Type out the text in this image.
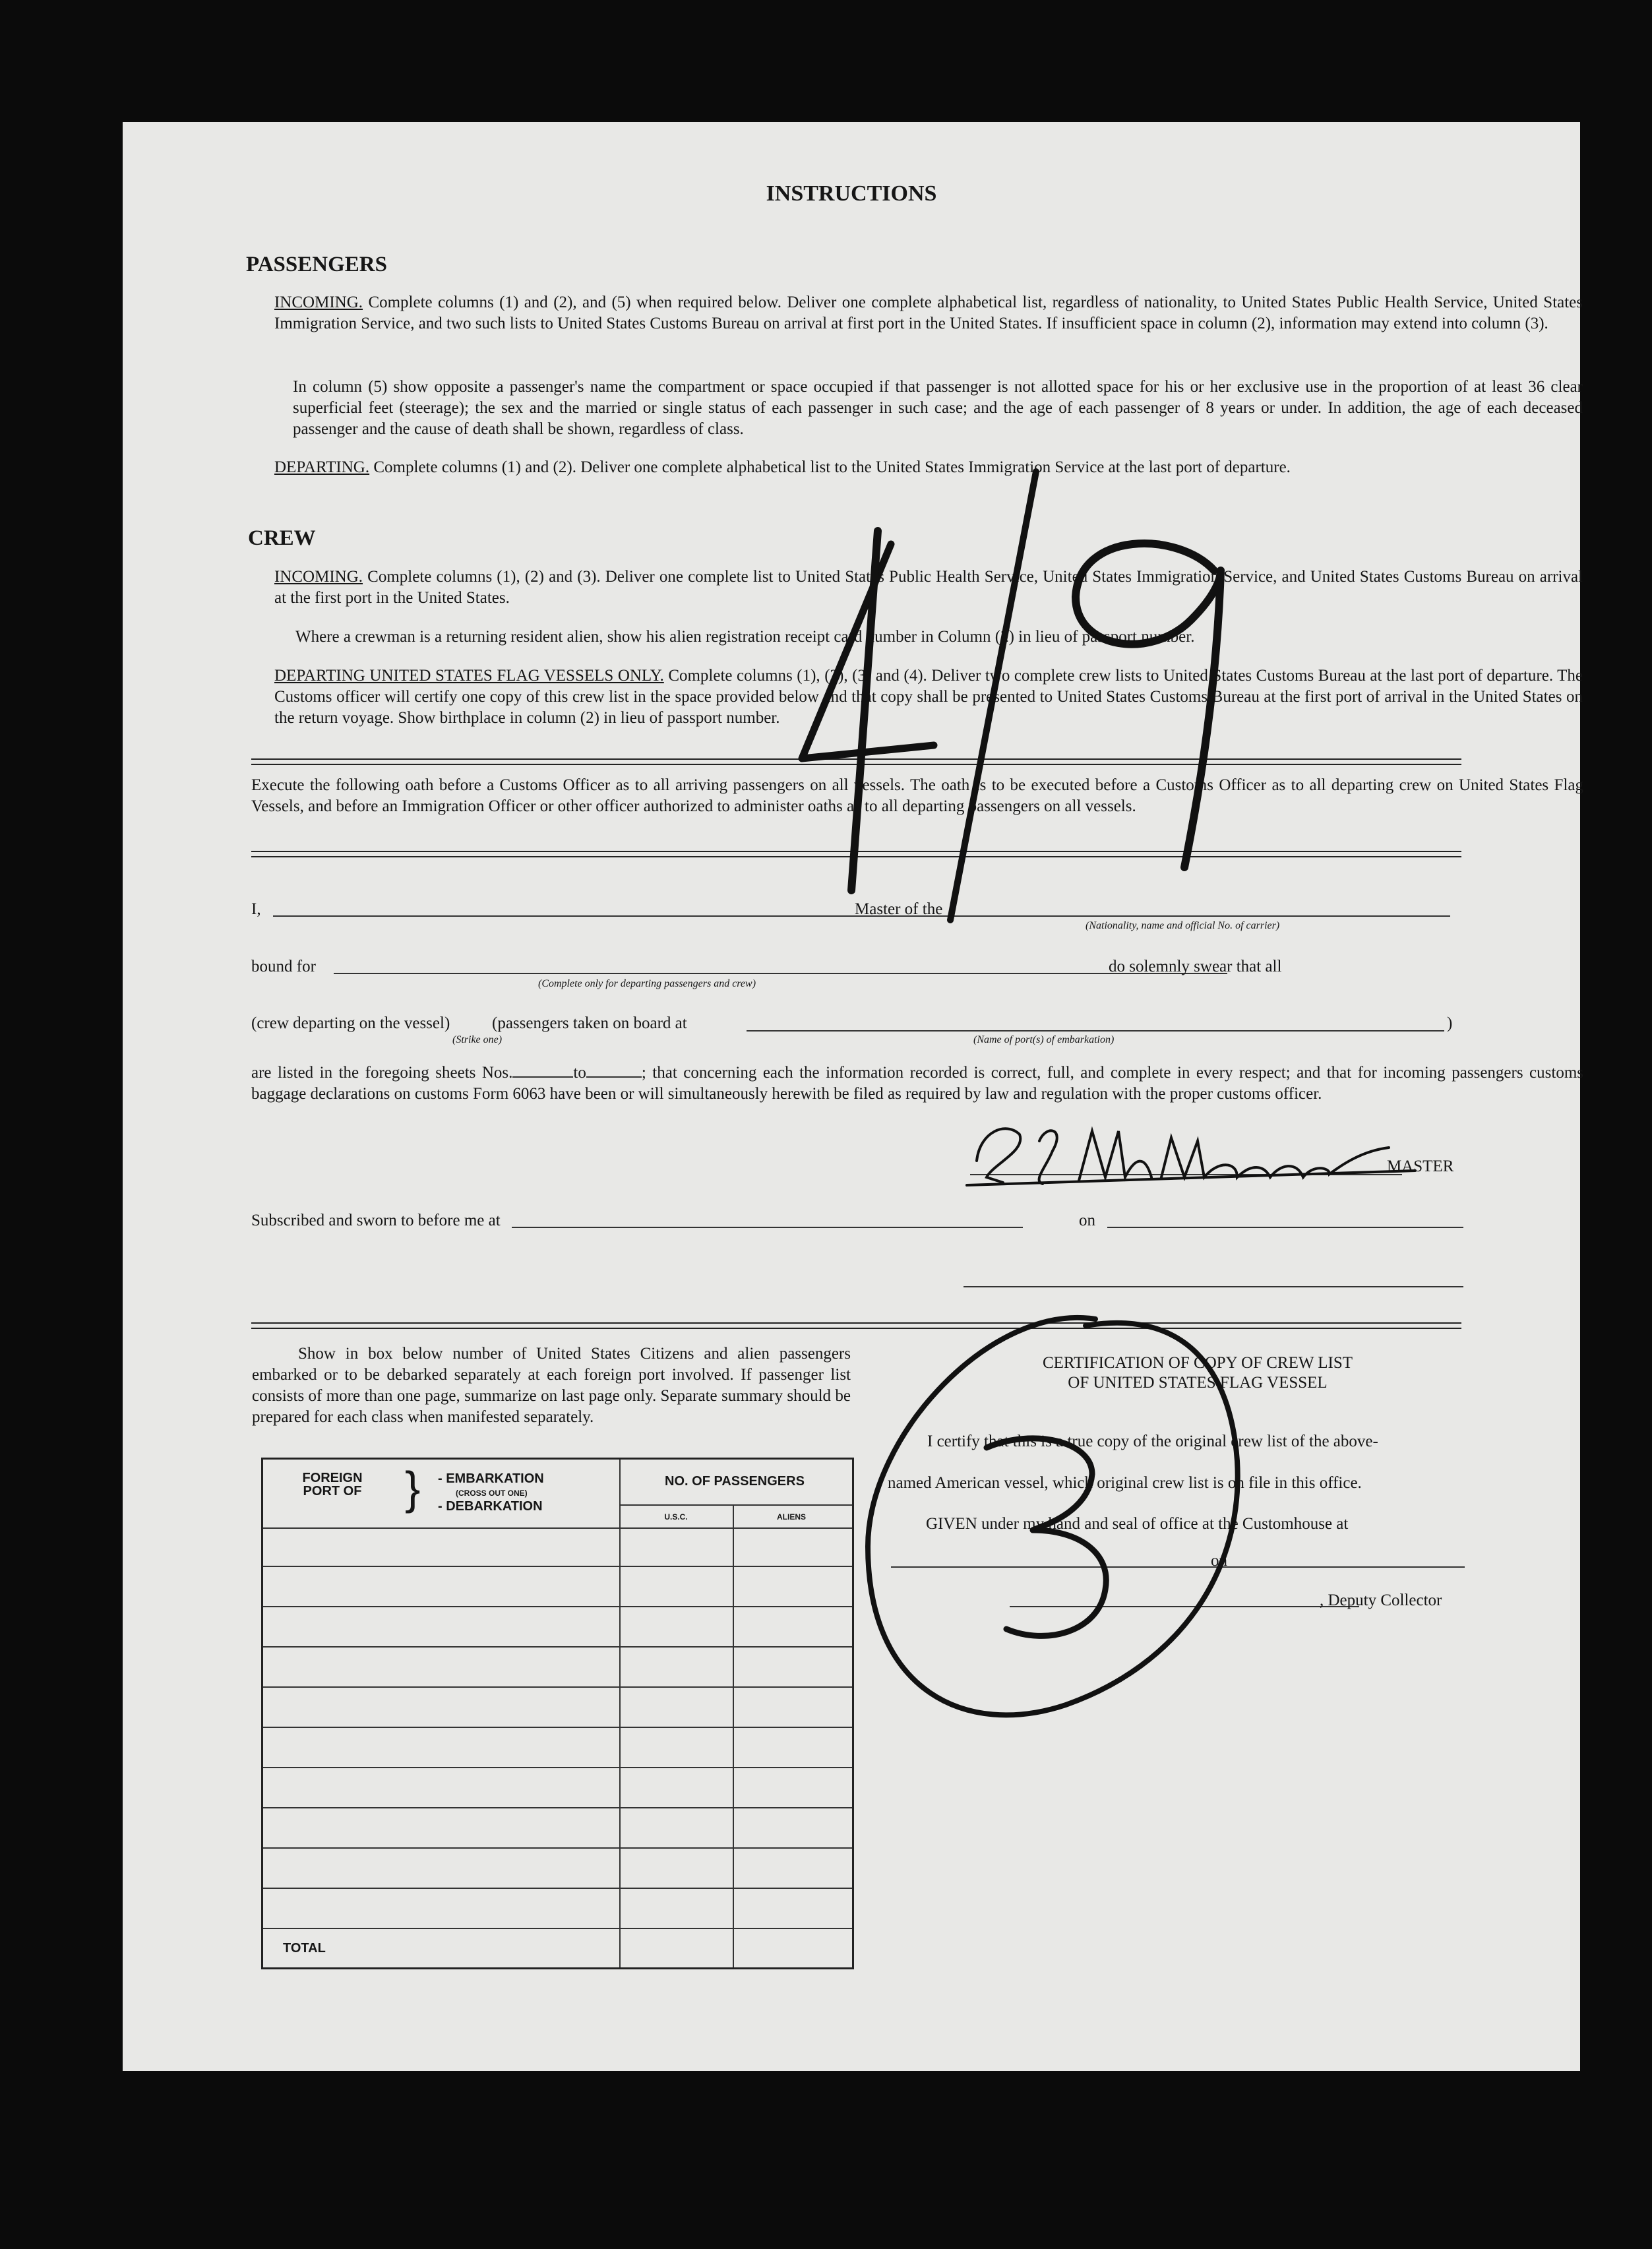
INSTRUCTIONS
PASSENGERS
INCOMING. Complete columns (1) and (2), and (5) when required below. Deliver one complete alphabetical list, regardless of nationality, to United States Public Health Service, United States Immigration Service, and two such lists to United States Customs Bureau on arrival at first port in the United States. If insufficient space in column (2), information may extend into column (3).
In column (5) show opposite a passenger's name the compartment or space occupied if that passenger is not allotted space for his or her exclusive use in the proportion of at least 36 clear superficial feet (steerage); the sex and the married or single status of each passenger in such case; and the age of each passenger of 8 years or under. In addition, the age of each deceased passenger and the cause of death shall be shown, regardless of class.
DEPARTING. Complete columns (1) and (2). Deliver one complete alphabetical list to the United States Immigration Service at the last port of departure.
CREW
INCOMING. Complete columns (1), (2) and (3). Deliver one complete list to United States Public Health Service, United States Immigration Service, and United States Customs Bureau on arrival at the first port in the United States.
Where a crewman is a returning resident alien, show his alien registration receipt card number in Column (2) in lieu of passport number.
DEPARTING UNITED STATES FLAG VESSELS ONLY. Complete columns (1), (2), (3) and (4). Deliver two complete crew lists to United States Customs Bureau at the last port of departure. The Customs officer will certify one copy of this crew list in the space provided below and that copy shall be presented to United States Customs Bureau at the first port of arrival in the United States on the return voyage. Show birthplace in column (2) in lieu of passport number.
Execute the following oath before a Customs Officer as to all arriving passengers on all vessels. The oath is to be executed before a Customs Officer as to all departing crew on United States Flag Vessels, and before an Immigration Officer or other officer authorized to administer oaths as to all departing passengers on all vessels.
I,	Master of the
(Nationality, name and official No. of carrier)
bound for
(Complete only for departing passengers and crew)
do solemnly swear that all
(crew departing on the vessel)
(Strike one)
(passengers taken on board at
(Name of port(s) of embarkation)
)
are listed in the foregoing sheets Nos.	to	; that concerning each the information recorded is correct, full, and complete in every respect; and that for incoming passengers customs baggage declarations on customs Form 6063 have been or will simultaneously herewith be filed as required by law and regulation with the proper customs officer.
MASTER
Subscribed and sworn to before me at	on
Show in box below number of United States Citizens and alien passengers embarked or to be debarked separately at each foreign port involved. If passenger list consists of more than one page, summarize on last page only. Separate summary should be prepared for each class when manifested separately.
FOREIGN PORT OF } - EMBARKATION
(CROSS OUT ONE)
- DEBARKATION
NO. OF PASSENGERS
U.S.C.	ALIENS
TOTAL
CERTIFICATION OF COPY OF CREW LIST
OF UNITED STATES FLAG VESSEL
I certify that this is a true copy of the original crew list of the above-
named American vessel, which original crew list is on file in this office.
GIVEN under my hand and seal of office at the Customhouse at
on
, Deputy Collector
